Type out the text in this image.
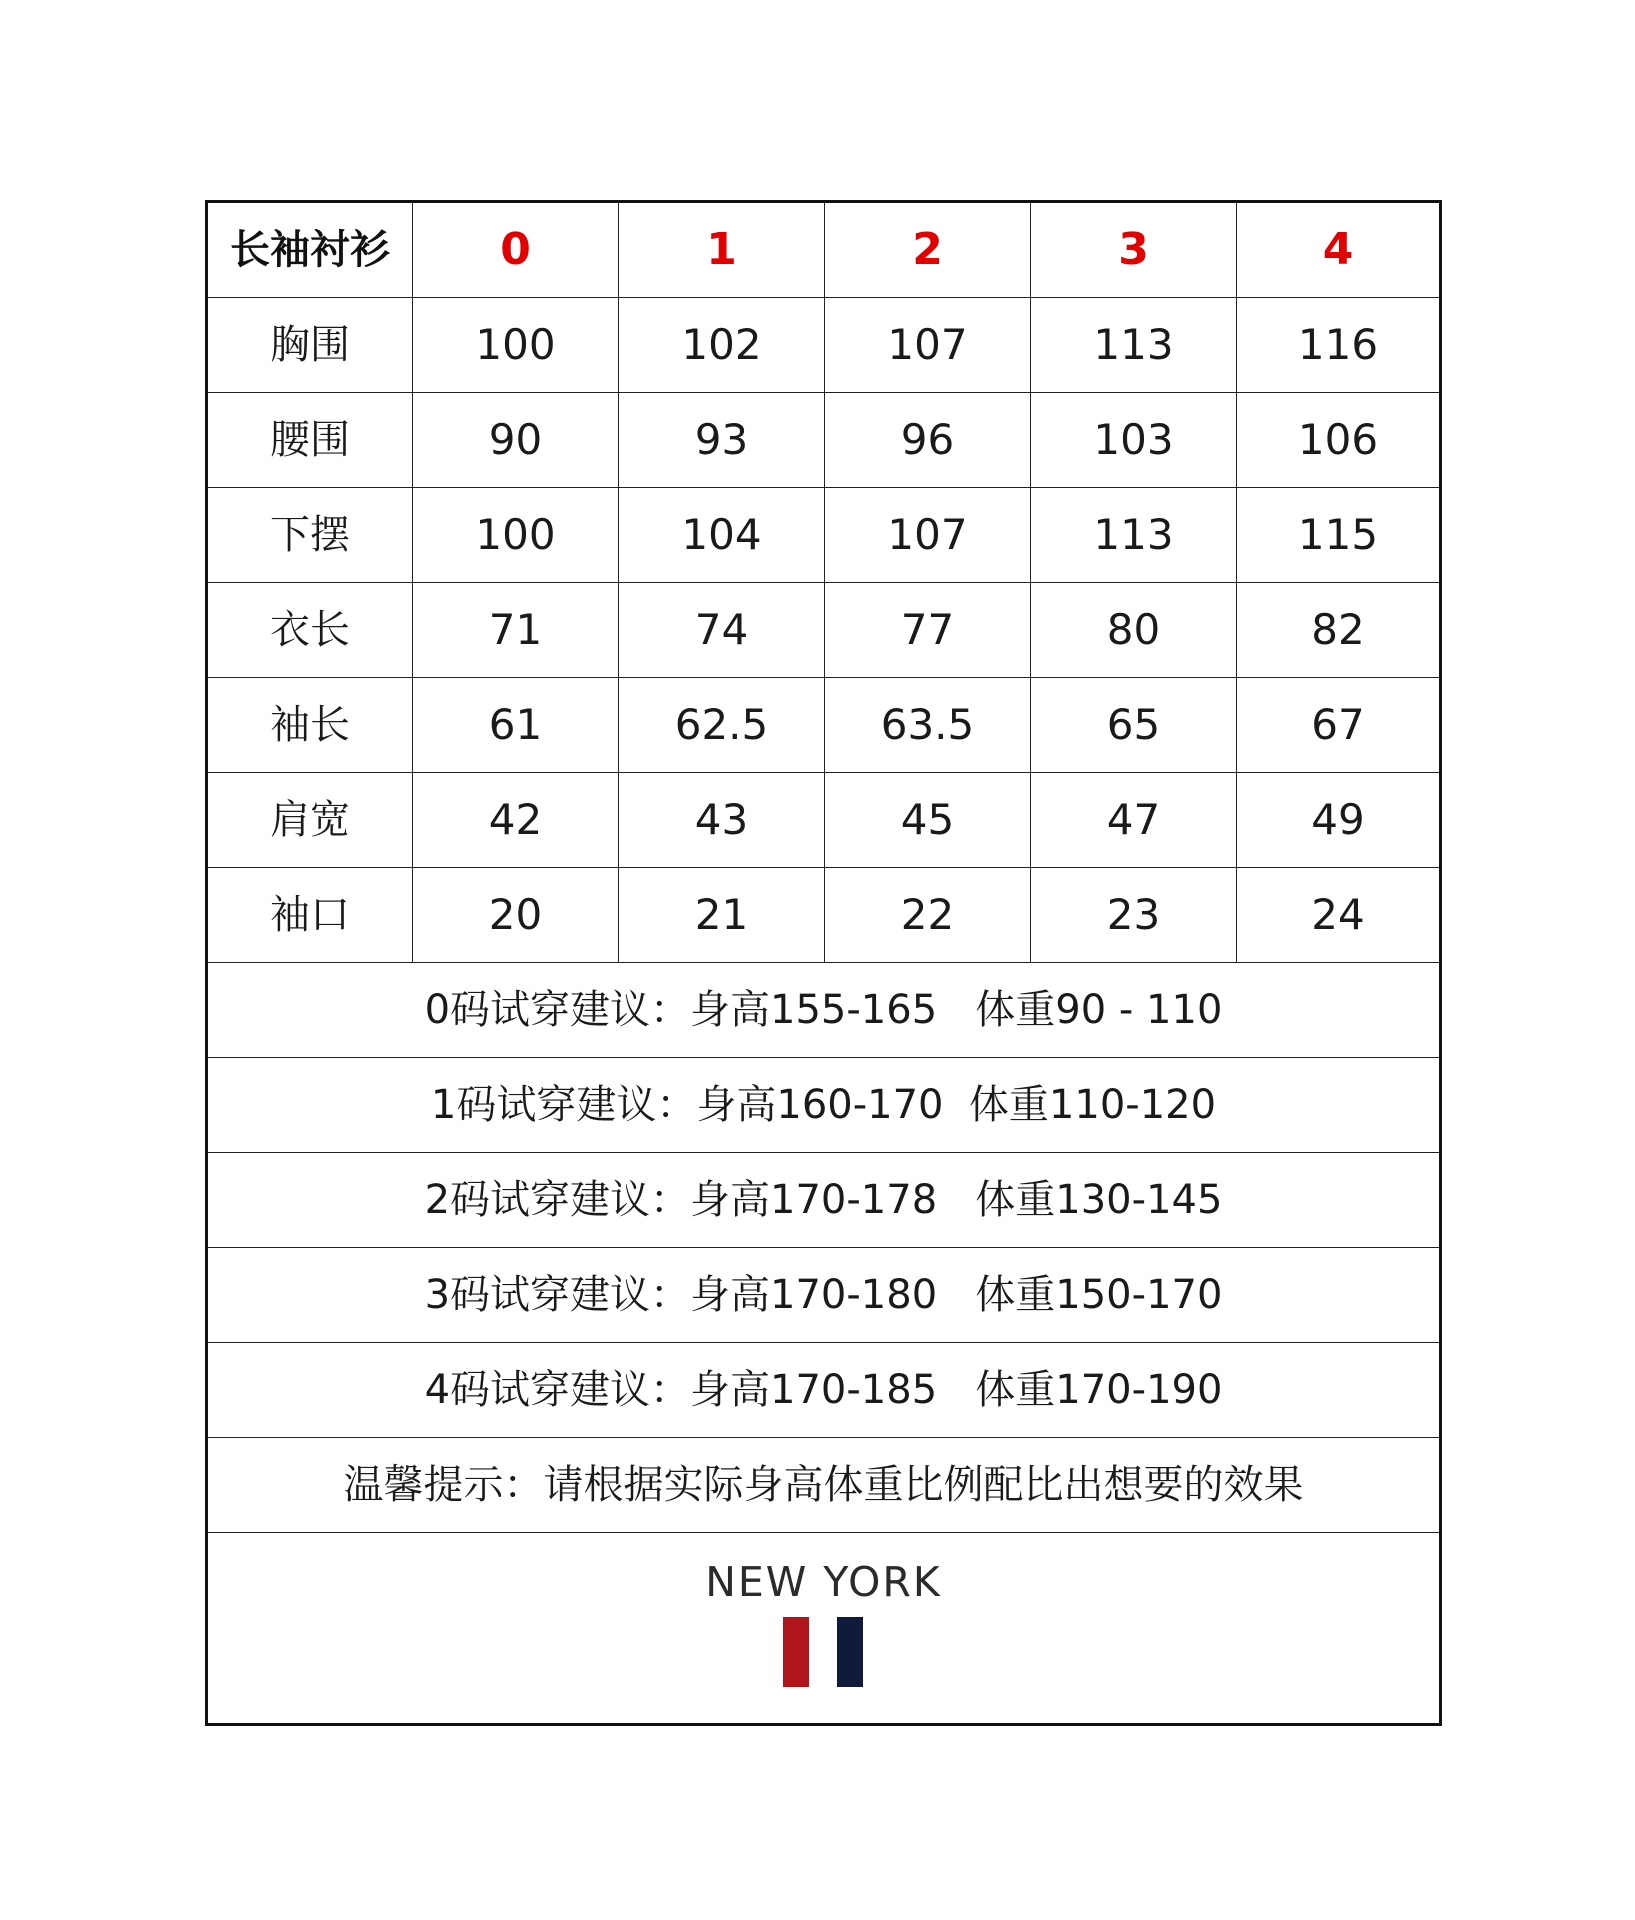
长袖衬衫	0	1	2	3	4
胸围	100	102	107	113	116
腰围	90	93	96	103	106
下摆	100	104	107	113	115
衣长	71	74	77	80	82
袖长	61	62.5	63.5	65	67
肩宽	42	43	45	47	49
袖口	20	21	22	23	24
0码试穿建议：身高155-165   体重90 - 110					
1码试穿建议：身高160-170  体重110-120					
2码试穿建议：身高170-178   体重130-145					
3码试穿建议：身高170-180   体重150-170					
4码试穿建议：身高170-185   体重170-190					
温馨提示：请根据实际身高体重比例配比出想要的效果					

NEW YORK					
